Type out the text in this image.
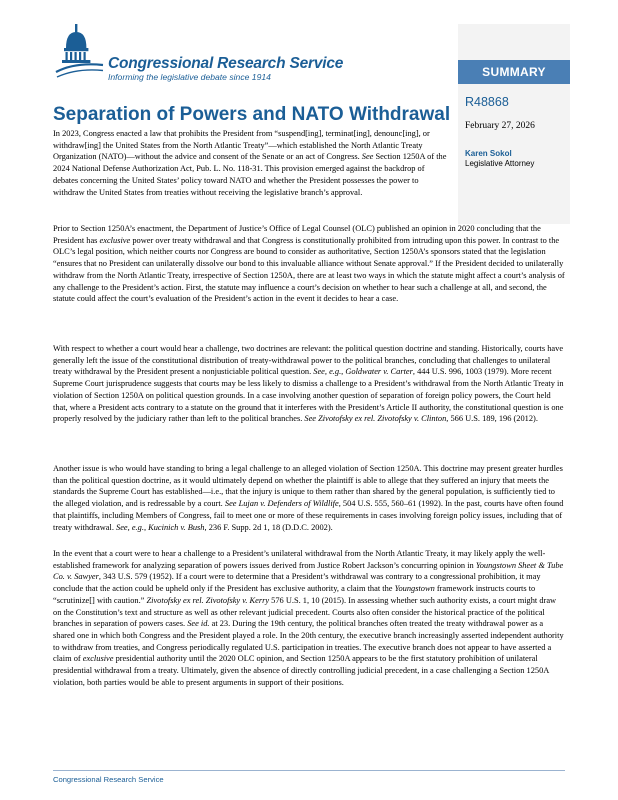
Congressional Research Service
Informing the legislative debate since 1914	SUMMARY
R48868
February 27, 2026
Karen Sokol
Legislative Attorney
Separation of Powers and NATO Withdrawal

In 2023, Congress enacted a law that prohibits the President from “suspend[ing], terminat[ing], denounc[ing], or withdraw[ing] the United States from the North Atlantic Treaty”—which established the North Atlantic Treaty Organization (NATO)—without the advice and consent of the Senate or an act of Congress. See Section 1250A of the 2024 National Defense Authorization Act, Pub. L. No. 118-31. This provision emerged against the backdrop of debates concerning the United States’ policy toward NATO and whether the President possesses the power to withdraw the United States from treaties without receiving the legislative branch’s approval.

Prior to Section 1250A’s enactment, the Department of Justice’s Office of Legal Counsel (OLC) published an opinion in 2020 concluding that the President has exclusive power over treaty withdrawal and that Congress is constitutionally prohibited from intruding upon this power. In contrast to the OLC’s legal position, which neither courts nor Congress are bound to consider as authoritative, Section 1250A’s sponsors stated that the legislation “ensures that no President can unilaterally dissolve our bond to this invaluable alliance without Senate approval.” If the President decided to unilaterally withdraw from the North Atlantic Treaty, irrespective of Section 1250A, there are at least two ways in which the statute might affect a court’s analysis of any challenge to the President’s action. First, the statute may influence a court’s decision on whether to hear such a challenge at all, and second, the statute could affect the court’s evaluation of the President’s action in the event it decides to hear a case.

With respect to whether a court would hear a challenge, two doctrines are relevant: the political question doctrine and standing. Historically, courts have generally left the issue of the constitutional distribution of treaty-withdrawal power to the political branches, concluding that challenges to unilateral treaty withdrawal by the President present a nonjusticiable political question. See, e.g., Goldwater v. Carter, 444 U.S. 996, 1003 (1979). More recent Supreme Court jurisprudence suggests that courts may be less likely to dismiss a challenge to a President’s withdrawal from the North Atlantic Treaty in violation of Section 1250A on political question grounds. In a case involving another question of separation of foreign policy powers, the Court held that, where a President acts contrary to a statute on the ground that it interferes with the President’s Article II authority, the constitutional question is one properly resolved by the judiciary rather than left to the political branches. See Zivotofsky ex rel. Zivotofsky v. Clinton, 566 U.S. 189, 196 (2012).

Another issue is who would have standing to bring a legal challenge to an alleged violation of Section 1250A. This doctrine may present greater hurdles than the political question doctrine, as it would ultimately depend on whether the plaintiff is able to allege that they suffered an injury that meets the standards the Supreme Court has established—i.e., that the injury is unique to them rather than shared by the general population, is sufficiently tied to the alleged violation, and is redressable by a court. See Lujan v. Defenders of Wildlife, 504 U.S. 555, 560–61 (1992). In the past, courts have often found that plaintiffs, including Members of Congress, fail to meet one or more of these requirements in cases involving foreign policy issues, including that of treaty withdrawal. See, e.g., Kucinich v. Bush, 236 F. Supp. 2d 1, 18 (D.D.C. 2002).

In the event that a court were to hear a challenge to a President’s unilateral withdrawal from the North Atlantic Treaty, it may likely apply the well-established framework for analyzing separation of powers issues derived from Justice Robert Jackson’s concurring opinion in Youngstown Sheet & Tube Co. v. Sawyer, 343 U.S. 579 (1952). If a court were to determine that a President’s withdrawal was contrary to a congressional prohibition, it may conclude that the action could be upheld only if the President has exclusive authority, a claim that the Youngstown framework instructs courts to “scrutinize[] with caution.” Zivotofsky ex rel. Zivotofsky v. Kerry 576 U.S. 1, 10 (2015). In assessing whether such authority exists, a court might draw on the Constitution’s text and structure as well as other relevant judicial precedent. Courts also often consider the historical practice of the political branches in separation of powers cases. See id. at 23. During the 19th century, the political branches often treated the treaty withdrawal power as a shared one in which both Congress and the President played a role. In the 20th century, the executive branch increasingly asserted independent authority to withdraw from treaties, and Congress periodically regulated U.S. participation in treaties. The executive branch does not appear to have asserted a claim of exclusive presidential authority until the 2020 OLC opinion, and Section 1250A appears to be the first statutory prohibition of unilateral presidential withdrawal from a treaty. Ultimately, given the absence of directly controlling judicial precedent, in a case challenging a Section 1250A violation, both parties would be able to present arguments in support of their positions.

Congressional Research Service
